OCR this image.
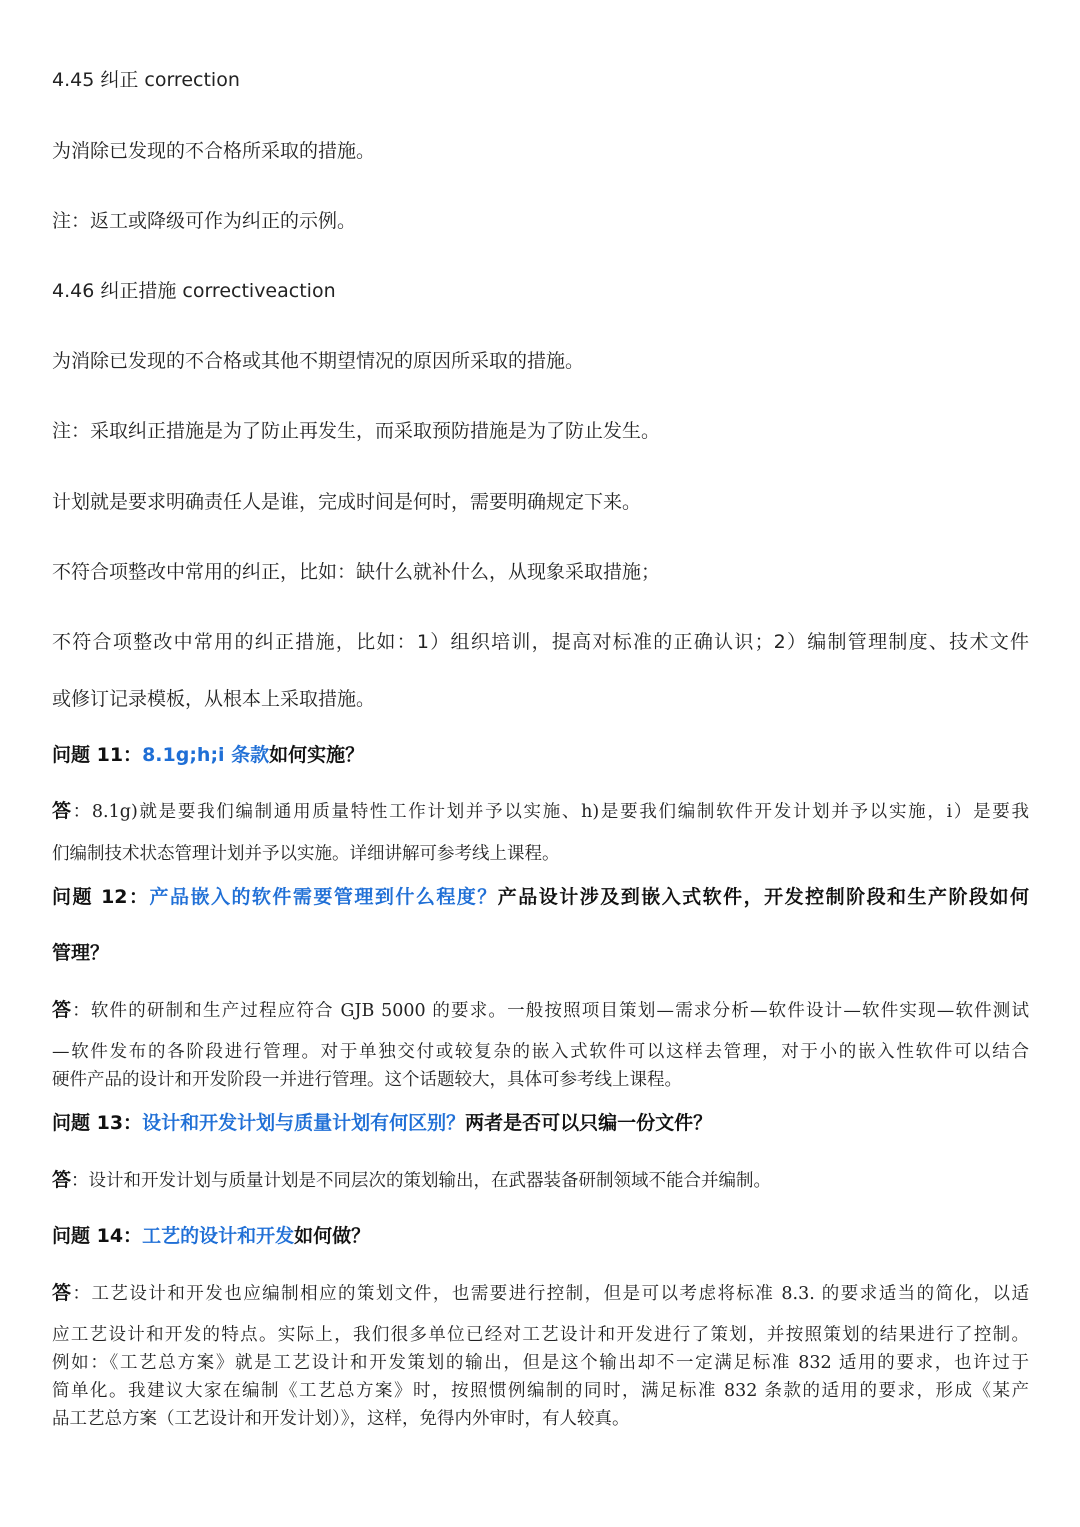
4.45 纠正 correction
为消除已发现的不合格所采取的措施。
注：返工或降级可作为纠正的示例。
4.46 纠正措施 correctiveaction
为消除已发现的不合格或其他不期望情况的原因所采取的措施。
注：采取纠正措施是为了防止再发生，而采取预防措施是为了防止发生。
计划就是要求明确责任人是谁，完成时间是何时，需要明确规定下来。
不符合项整改中常用的纠正，比如：缺什么就补什么，从现象采取措施；
不符合项整改中常用的纠正措施，比如：1）组织培训，提高对标准的正确认识；2）编制管理制度、技术文件
或修订记录模板，从根本上采取措施。
问题 11：8.1g;h;i 条款如何实施？
答：8.1g)就是要我们编制通用质量特性工作计划并予以实施、h)是要我们编制软件开发计划并予以实施，i）是要我
们编制技术状态管理计划并予以实施。详细讲解可参考线上课程。
问题 12：产品嵌入的软件需要管理到什么程度？产品设计涉及到嵌入式软件，开发控制阶段和生产阶段如何
管理？
答：软件的研制和生产过程应符合 GJB 5000 的要求。一般按照项目策划—需求分析—软件设计—软件实现—软件测试
—软件发布的各阶段进行管理。对于单独交付或较复杂的嵌入式软件可以这样去管理，对于小的嵌入性软件可以结合
硬件产品的设计和开发阶段一并进行管理。这个话题较大，具体可参考线上课程。
问题 13：设计和开发计划与质量计划有何区别？两者是否可以只编一份文件？
答：设计和开发计划与质量计划是不同层次的策划输出，在武器装备研制领域不能合并编制。
问题 14：工艺的设计和开发如何做？
答：工艺设计和开发也应编制相应的策划文件，也需要进行控制，但是可以考虑将标准 8.3. 的要求适当的简化，以适
应工艺设计和开发的特点。实际上，我们很多单位已经对工艺设计和开发进行了策划，并按照策划的结果进行了控制。
例如：《工艺总方案》就是工艺设计和开发策划的输出，但是这个输出却不一定满足标准 832 适用的要求，也许过于
简单化。我建议大家在编制《工艺总方案》时，按照惯例编制的同时，满足标准 832 条款的适用的要求，形成《某产
品工艺总方案（工艺设计和开发计划）》，这样，免得内外审时，有人较真。
